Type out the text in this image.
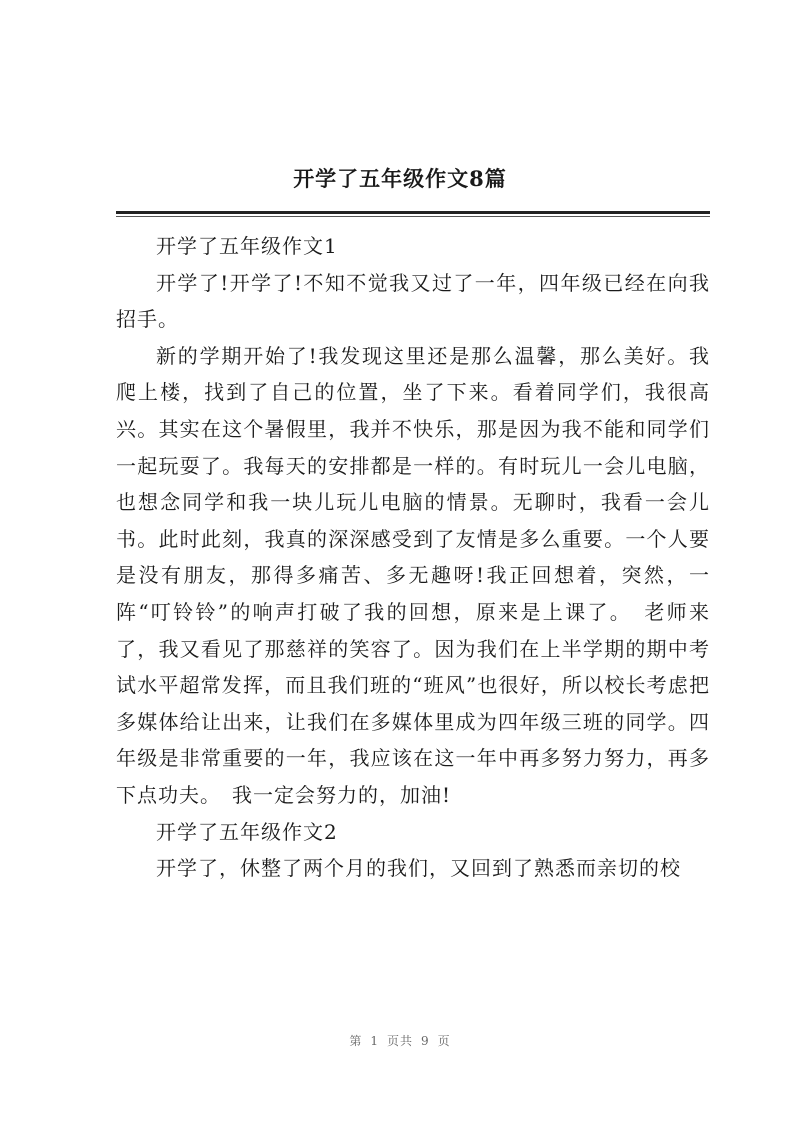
开学了五年级作文8篇

开学了五年级作文1

开学了!开学了!不知不觉我又过了一年，四年级已经在向我招手。

新的学期开始了!我发现这里还是那么温馨，那么美好。我爬上楼，找到了自己的位置，坐了下来。看着同学们，我很高兴。其实在这个暑假里，我并不快乐，那是因为我不能和同学们一起玩耍了。我每天的安排都是一样的。有时玩儿一会儿电脑，也想念同学和我一块儿玩儿电脑的情景。无聊时，我看一会儿书。此时此刻，我真的深深感受到了友情是多么重要。一个人要是没有朋友，那得多痛苦、多无趣呀!我正回想着，突然，一阵“叮铃铃”的响声打破了我的回想，原来是上课了。　老师来了，我又看见了那慈祥的笑容了。因为我们在上半学期的期中考试水平超常发挥，而且我们班的“班风”也很好，所以校长考虑把多媒体给让出来，让我们在多媒体里成为四年级三班的同学。四年级是非常重要的一年，我应该在这一年中再多努力努力，再多下点功夫。　我一定会努力的，加油!

开学了五年级作文2

开学了，休整了两个月的我们，又回到了熟悉而亲切的校

第 1 页共 9 页
